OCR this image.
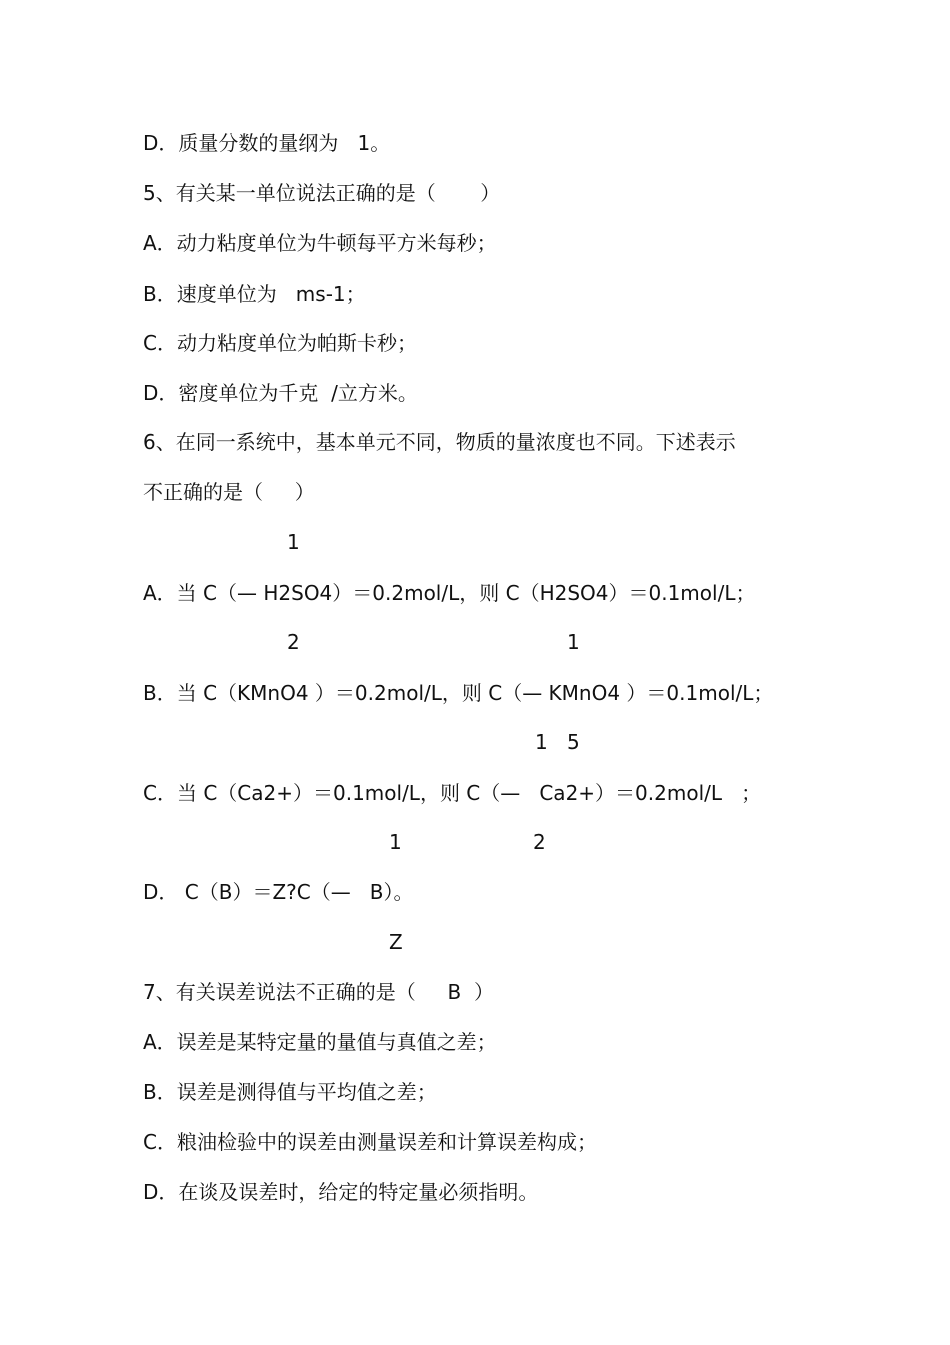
D．质量分数的量纲为   1。
5、有关某一单位说法正确的是（       ）
A．动力粘度单位为牛顿每平方米每秒；
B．速度单位为   ms-1；
C．动力粘度单位为帕斯卡秒；
D．密度单位为千克  /立方米。
6、在同一系统中，基本单元不同，物质的量浓度也不同。下述表示
不正确的是（     ）
1
A．当 C（— H2SO4）＝0.2mol/L，则 C（H2SO4）＝0.1mol/L；
2	1
B．当 C（KMnO4 ）＝0.2mol/L，则 C（— KMnO4 ）＝0.1mol/L；
1 5
C．当 C（Ca2+）＝0.1mol/L，则 C（—   Ca2+）＝0.2mol/L   ；
1	2
D． C（B）＝Z?C（—   B）。
Z
7、有关误差说法不正确的是（     B  ）
A．误差是某特定量的量值与真值之差；
B．误差是测得值与平均值之差；
C．粮油检验中的误差由测量误差和计算误差构成；
D．在谈及误差时，给定的特定量必须指明。
